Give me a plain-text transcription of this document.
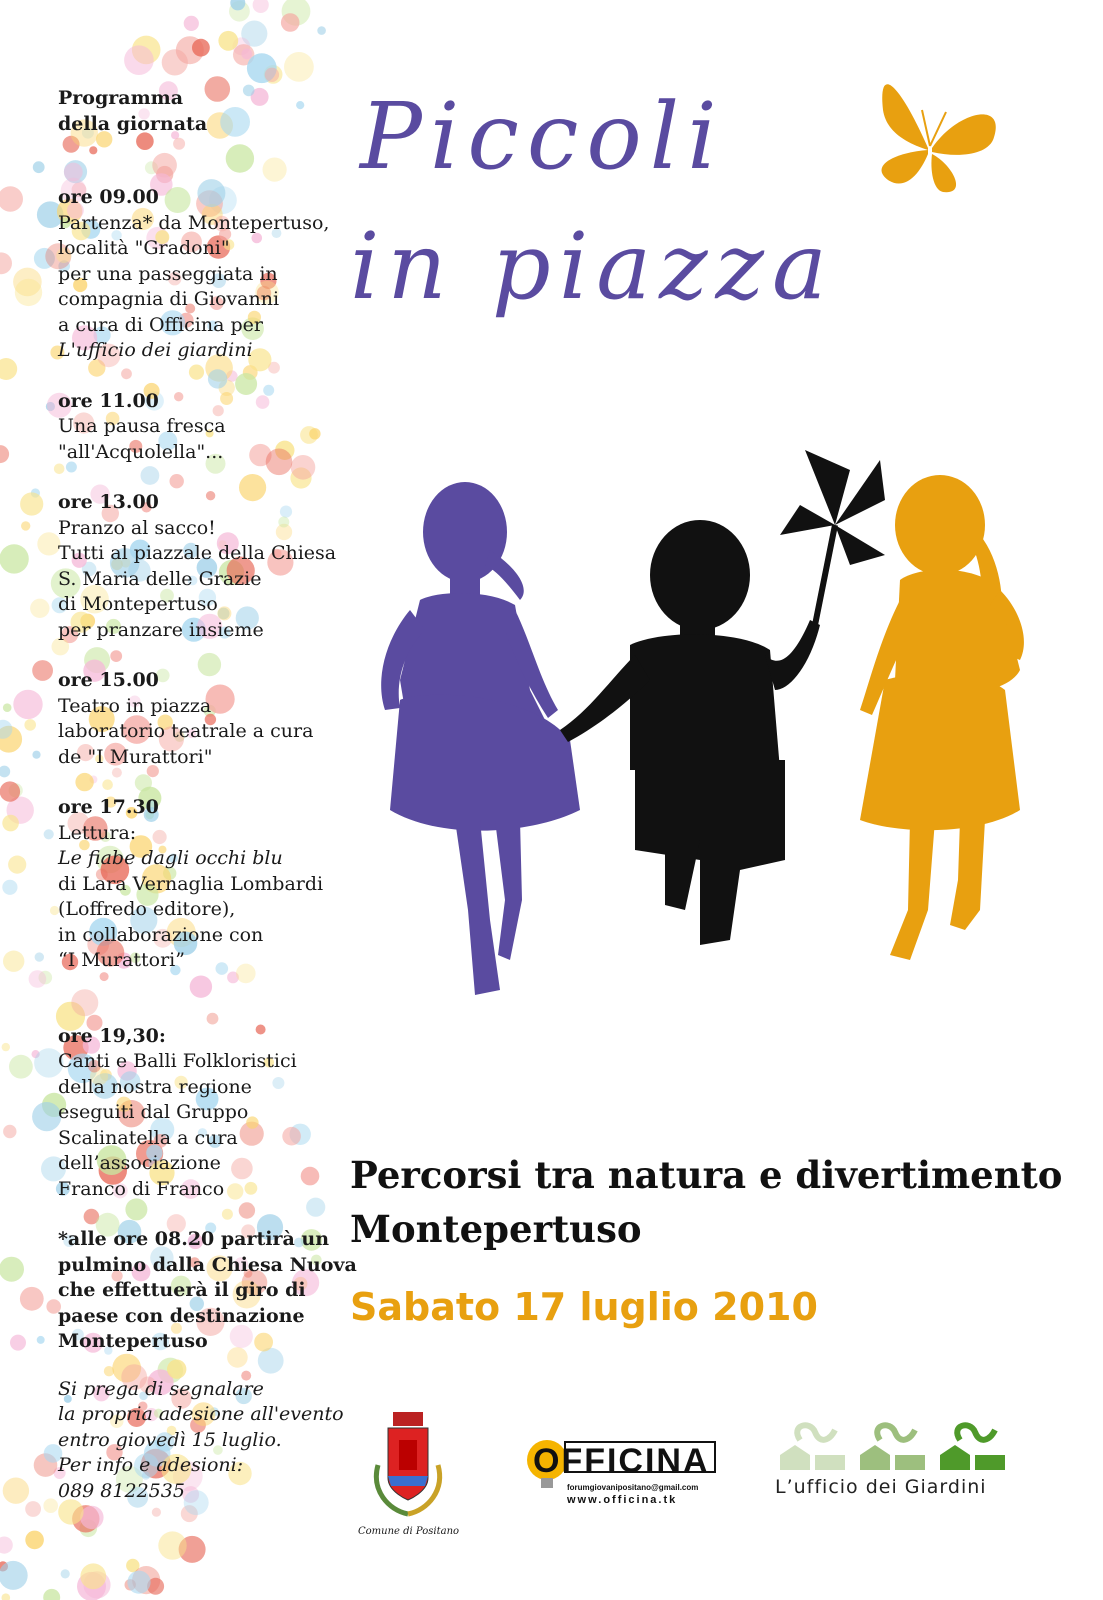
Programma
della giornata
ore 09.00
Partenza* da Montepertuso,
località "Gradoni"
per una passeggiata in
compagnia di Giovanni
a cura di Officina per
L'ufficio dei giardini
ore 11.00
Una pausa fresca
"all'Acquolella"...
ore 13.00
Pranzo al sacco!
Tutti al piazzale della Chiesa
S. Maria delle Grazie
di Montepertuso
per pranzare insieme
ore 15.00
Teatro in piazza
laboratorio teatrale a cura
de "I Murattori"
ore 17.30
Lettura:
Le fiabe dagli occhi blu
di Lara Vernaglia Lombardi
(Loffredo editore),
in collaborazione con
“I Murattori”
ore 19,30:
Canti e Balli Folkloristici
della nostra regione
eseguiti dal Gruppo
Scalinatella a cura
dell’associazione
Franco di Franco
*alle ore 08.20 partirà un
pulmino dalla Chiesa Nuova
che effettuerà il giro di
paese con destinazione
Montepertuso
Si prega di segnalare
la propria adesione all'evento
entro giovedì 15 luglio.
Per info e adesioni:
089 8122535
Piccoli
in piazza
Percorsi tra natura e divertimento
Montepertuso
Sabato 17 luglio 2010
Comune di Positano
OFFICINA
forumgiovanipositano@gmail.com
www.officina.tk
L’ufficio dei Giardini
